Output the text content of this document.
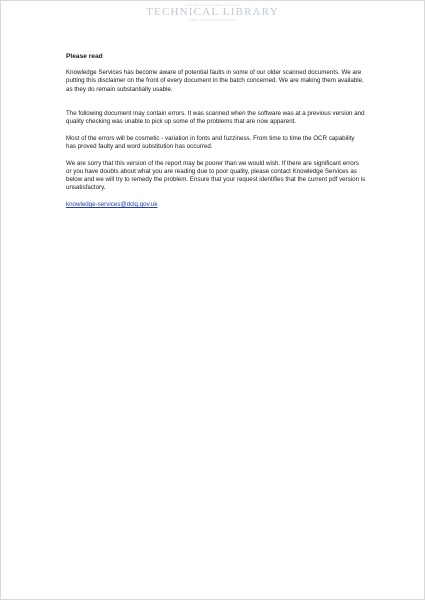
THE BUILDING REGULATIONS
TECHNICAL LIBRARY
ABBOTTAIRSHOWS.COM
Please read

Knowledge Services has become aware of potential faults in some of our older scanned documents. We are putting this disclaimer on the front of every document in the batch concerned. We are making them available, as they do remain substantially usable.

The following document may contain errors. It was scanned when the software was at a previous version and quality checking was unable to pick up some of the problems that are now apparent.

Most of the errors will be cosmetic - variation in fonts and fuzziness. From time to time the OCR capability has proved faulty and word substitution has occurred.

We are sorry that this version of the report may be poorer than we would wish. If there are significant errors or you have doubts about what you are reading due to poor quality, please contact Knowledge Services as below and we will try to remedy the problem. Ensure that your request identifies that the current pdf version is unsatisfactory.

knowledge-services@dclg.gov.uk
